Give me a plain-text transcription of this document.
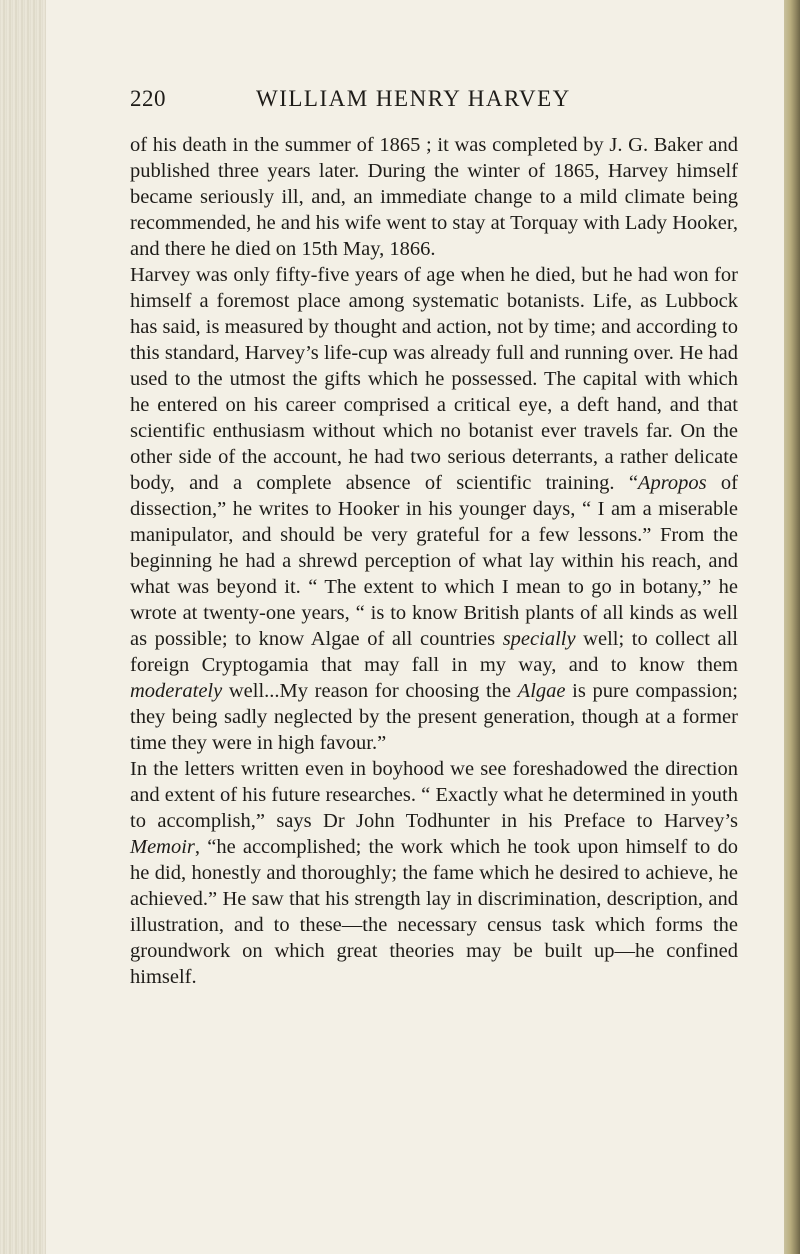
220	WILLIAM HENRY HARVEY

of his death in the summer of 1865 ; it was completed by J. G. Baker and published three years later. During the winter of 1865, Harvey himself became seriously ill, and, an immediate change to a mild climate being recommended, he and his wife went to stay at Torquay with Lady Hooker, and there he died on 15th May, 1866.

Harvey was only fifty-five years of age when he died, but he had won for himself a foremost place among systematic botanists. Life, as Lubbock has said, is measured by thought and action, not by time; and according to this standard, Harvey’s life-cup was already full and running over. He had used to the utmost the gifts which he possessed. The capital with which he entered on his career comprised a critical eye, a deft hand, and that scientific enthusiasm without which no botanist ever travels far. On the other side of the account, he had two serious deterrants, a rather delicate body, and a complete absence of scientific training. “Apropos of dissection,” he writes to Hooker in his younger days, “ I am a miserable manipulator, and should be very grateful for a few lessons.” From the beginning he had a shrewd perception of what lay within his reach, and what was beyond it. “ The extent to which I mean to go in botany,” he wrote at twenty-one years, “ is to know British plants of all kinds as well as possible; to know Algae of all countries specially well; to collect all foreign Cryptogamia that may fall in my way, and to know them moderately well...My reason for choosing the Algae is pure compassion; they being sadly neglected by the present generation, though at a former time they were in high favour.”

In the letters written even in boyhood we see foreshadowed the direction and extent of his future researches. “ Exactly what he determined in youth to accomplish,” says Dr John Todhunter in his Preface to Harvey’s Memoir, “he accomplished; the work which he took upon himself to do he did, honestly and thoroughly; the fame which he desired to achieve, he achieved.” He saw that his strength lay in discrimination, description, and illustration, and to these—the necessary census task which forms the groundwork on which great theories may be built up—he confined himself.
